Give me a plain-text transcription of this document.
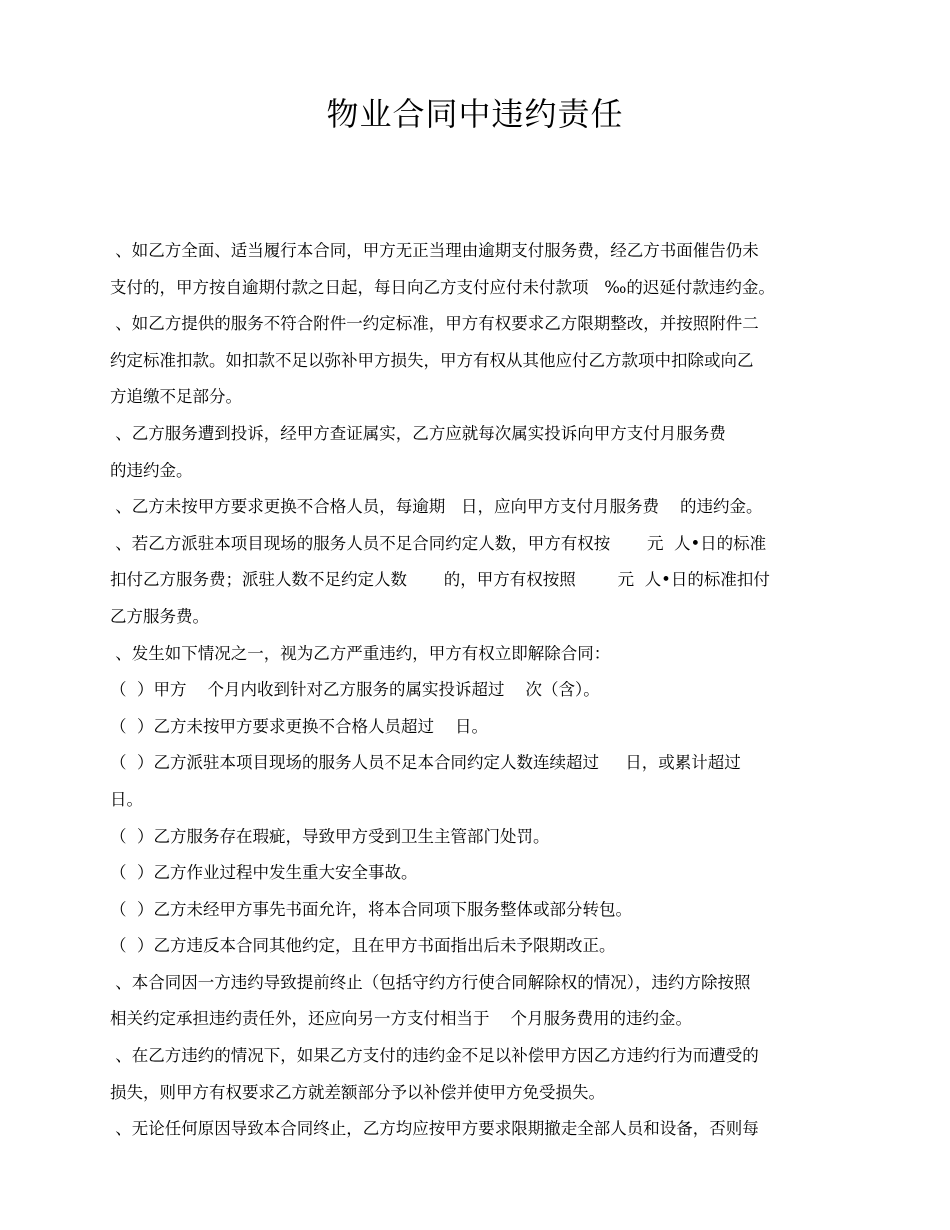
物业合同中违约责任
、如乙方全面、适当履行本合同，甲方无正当理由逾期支付服务费，经乙方书面催告仍未
支付的，甲方按自逾期付款之日起，每日向乙方支付应付未付款项   ‰的迟延付款违约金。
、如乙方提供的服务不符合附件一约定标准，甲方有权要求乙方限期整改，并按照附件二
约定标准扣款。如扣款不足以弥补甲方损失，甲方有权从其他应付乙方款项中扣除或向乙
方追缴不足部分。
、乙方服务遭到投诉，经甲方查证属实，乙方应就每次属实投诉向甲方支付月服务费
的违约金。
、乙方未按甲方要求更换不合格人员，每逾期   日，应向甲方支付月服务费    的违约金。
、若乙方派驻本项目现场的服务人员不足合同约定人数，甲方有权按       元  人•日的标准
扣付乙方服务费；派驻人数不足约定人数       的，甲方有权按照        元  人•日的标准扣付
乙方服务费。
、发生如下情况之一，视为乙方严重违约，甲方有权立即解除合同：
（  ）甲方    个月内收到针对乙方服务的属实投诉超过    次（含）。
（  ）乙方未按甲方要求更换不合格人员超过    日。
（  ）乙方派驻本项目现场的服务人员不足本合同约定人数连续超过     日，或累计超过
日。
（  ）乙方服务存在瑕疵，导致甲方受到卫生主管部门处罚。
（  ）乙方作业过程中发生重大安全事故。
（  ）乙方未经甲方事先书面允许，将本合同项下服务整体或部分转包。
（  ）乙方违反本合同其他约定，且在甲方书面指出后未予限期改正。
、本合同因一方违约导致提前终止（包括守约方行使合同解除权的情况），违约方除按照
相关约定承担违约责任外，还应向另一方支付相当于    个月服务费用的违约金。
、在乙方违约的情况下，如果乙方支付的违约金不足以补偿甲方因乙方违约行为而遭受的
损失，则甲方有权要求乙方就差额部分予以补偿并使甲方免受损失。
、无论任何原因导致本合同终止，乙方均应按甲方要求限期撤走全部人员和设备，否则每
